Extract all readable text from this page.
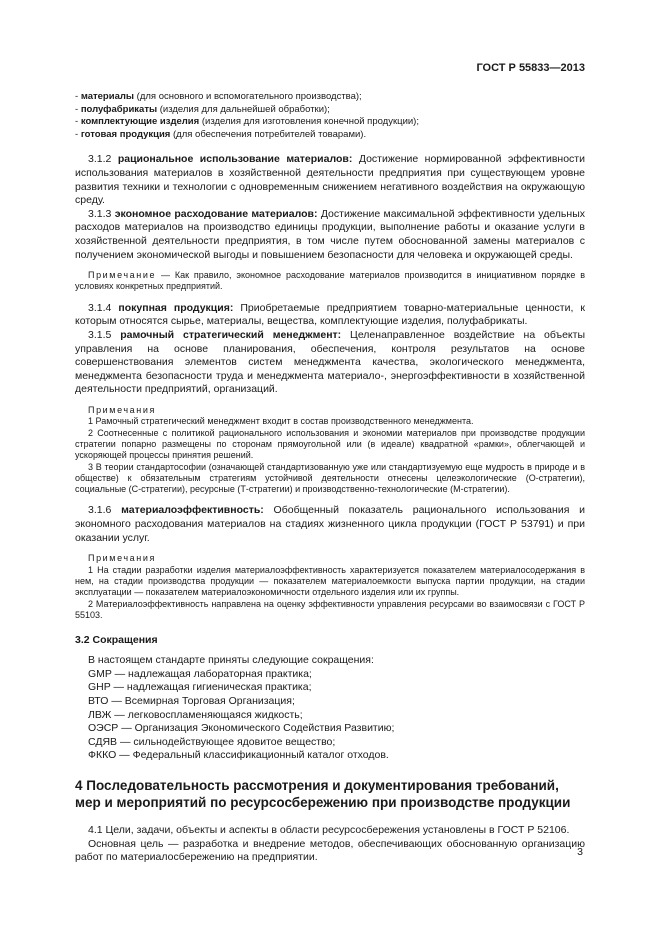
ГОСТ Р 55833—2013
- материалы (для основного и вспомогательного производства);
- полуфабрикаты (изделия для дальнейшей обработки);
- комплектующие изделия (изделия для изготовления конечной продукции);
- готовая продукция (для обеспечения потребителей товарами).

3.1.2 рациональное использование материалов: Достижение нормированной эффективности использования материалов в хозяйственной деятельности предприятия при существующем уровне развития техники и технологии с одновременным снижением негативного воздействия на окружающую среду.

3.1.3 экономное расходование материалов: Достижение максимальной эффективности удельных расходов материалов на производство единицы продукции, выполнение работы и оказание услуги в хозяйственной деятельности предприятия, в том числе путем обоснованной замены материалов с получением экономической выгоды и повышением безопасности для человека и окружающей среды.

Примечание — Как правило, экономное расходование материалов производится в инициативном порядке в условиях конкретных предприятий.

3.1.4 покупная продукция: Приобретаемые предприятием товарно-материальные ценности, к которым относятся сырье, материалы, вещества, комплектующие изделия, полуфабрикаты.

3.1.5 рамочный стратегический менеджмент: Целенаправленное воздействие на объекты управления на основе планирования, обеспечения, контроля результатов на основе совершенствования элементов систем менеджмента качества, экологического менеджмента, менеджмента безопасности труда и менеджмента материало-, энергоэффективности в хозяйственной деятельности предприятий, организаций.

Примечания

1 Рамочный стратегический менеджмент входит в состав производственного менеджмента.

2 Соотнесенные с политикой рационального использования и экономии материалов при производстве продукции стратегии попарно размещены по сторонам прямоугольной или (в идеале) квадратной «рамки», облегчающей и ускоряющей процессы принятия решений.

3 В теории стандартософии (означающей стандартизованную уже или стандартизуемую еще мудрость в природе и в обществе) к обязательным стратегиям устойчивой деятельности отнесены целеэкологические (О-стратегии), социальные (С-стратегии), ресурсные (Т-стратегии) и производственно-технологические (М-стратегии).

3.1.6 материалоэффективность: Обобщенный показатель рационального использования и экономного расходования материалов на стадиях жизненного цикла продукции (ГОСТ Р 53791) и при оказании услуг.

Примечания

1 На стадии разработки изделия материалоэффективность характеризуется показателем материалосодержания в нем, на стадии производства продукции — показателем материалоемкости выпуска партии продукции, на стадии эксплуатации — показателем материалоэкономичности отдельного изделия или их группы.

2 Материалоэффективность направлена на оценку эффективности управления ресурсами во взаимосвязи с ГОСТ Р 55103.

3.2 Сокращения

В настоящем стандарте приняты следующие сокращения:

GMP — надлежащая лабораторная практика;

GHP — надлежащая гигиеническая практика;

ВТО — Всемирная Торговая Организация;

ЛВЖ — легковоспламеняющаяся жидкость;

ОЭСР — Организация Экономического Содействия Развитию;

СДЯВ — сильнодействующее ядовитое вещество;

ФККО — Федеральный классификационный каталог отходов.

4 Последовательность рассмотрения и документирования требований,

мер и мероприятий по ресурсосбережению при производстве продукции

4.1 Цели, задачи, объекты и аспекты в области ресурсосбережения установлены в ГОСТ Р 52106.

Основная цель — разработка и внедрение методов, обеспечивающих обоснованную организацию работ по материалосбережению на предприятии.	3
